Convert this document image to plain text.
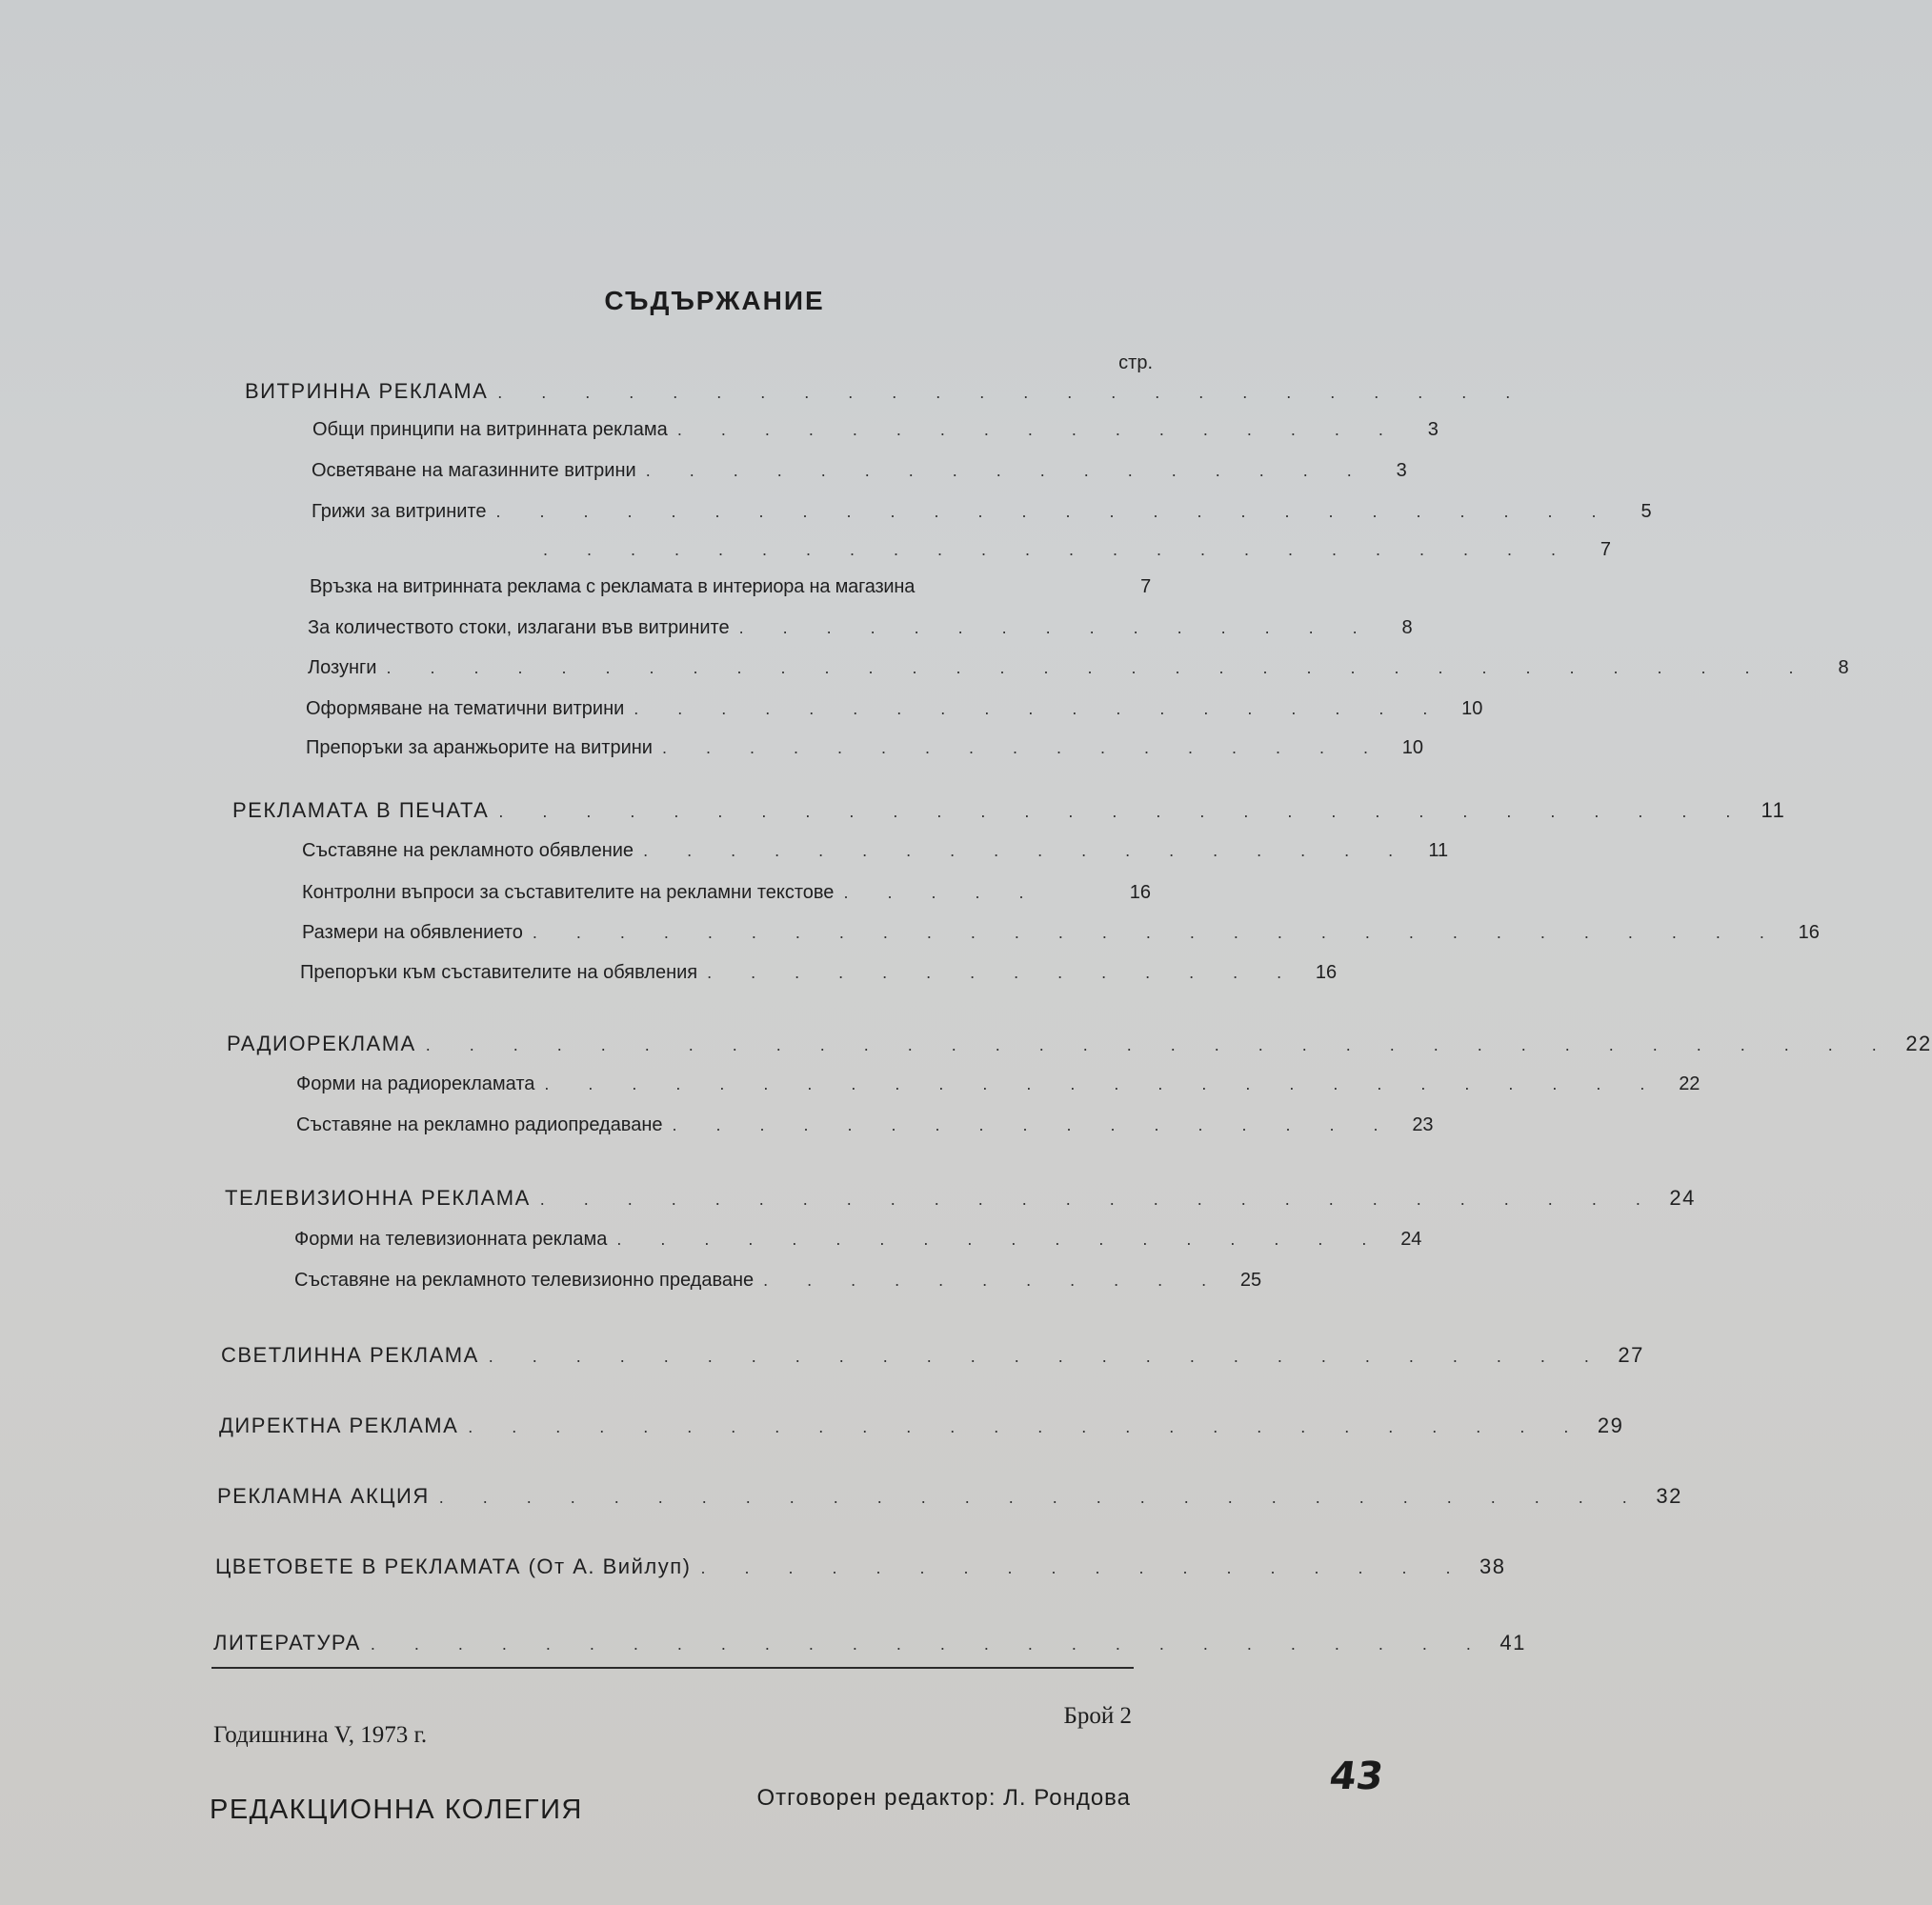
СЪДЪРЖАНИЕ
стр.
ВИТРИННА РЕКЛАМА . . . . . . . . . . . . . . . . . . . . . . . .
Общи принципи на витринната реклама . . . . . . . . . . . . . . . . .	3
Осветяване на магазинните витрини . . . . . . . . . . . . . . . . .	3
Грижи за витрините . . . . . . . . . . . . . . . . . . . . . . . . . .	5
. . . . . . . . . . . . . . . . . . . . . . . .	7
Връзка на витринната реклама с рекламата в интериора на магазина	7
За количеството стоки, излагани във витрините . . . . . . . . . . . . . . .	8
Лозунги . . . . . . . . . . . . . . . . . . . . . . . . . . . . . . . . .	8
Оформяване на тематични витрини . . . . . . . . . . . . . . . . . . . 10
Препоръки за аранжьорите на витрини . . . . . . . . . . . . . . . . . 10
РЕКЛАМАТА В ПЕЧАТА . . . . . . . . . . . . . . . . . . . . . . . . . . . . . 11
Съставяне на рекламното обявление . . . . . . . . . . . . . . . . . . 11
Контролни въпроси за съставителите на рекламни текстове . . . . .	16
Размери на обявлението . . . . . . . . . . . . . . . . . . . . . . . . . . . . . 16
Препоръки към съставителите на обявления . . . . . . . . . . . . . . 16
РАДИОРЕКЛАМА . . . . . . . . . . . . . . . . . . . . . . . . . . . . . . . . . . 22
Форми на радиорекламата . . . . . . . . . . . . . . . . . . . . . . . . . . 22
Съставяне на рекламно радиопредаване . . . . . . . . . . . . . . . . . 23
ТЕЛЕВИЗИОННА РЕКЛАМА . . . . . . . . . . . . . . . . . . . . . . . . . . 24
Форми на телевизионната реклама . . . . . . . . . . . . . . . . . . 24
Съставяне на рекламното телевизионно предаване . . . . . . . . . . . 25
СВЕТЛИННА РЕКЛАМА . . . . . . . . . . . . . . . . . . . . . . . . . . 27
ДИРЕКТНА РЕКЛАМА . . . . . . . . . . . . . . . . . . . . . . . . . . 29
РЕКЛАМНА АКЦИЯ . . . . . . . . . . . . . . . . . . . . . . . . . . . . 32
ЦВЕТОВЕТЕ В РЕКЛАМАТА (От А. Вийлуп) . . . . . . . . . . . . . . . . . . 38
ЛИТЕРАТУРА . . . . . . . . . . . . . . . . . . . . . . . . . . 41
Годишнина V, 1973 г.
Брой 2
РЕДАКЦИОННА КОЛЕГИЯ	Отговорен редактор: Л. Рондова	43
